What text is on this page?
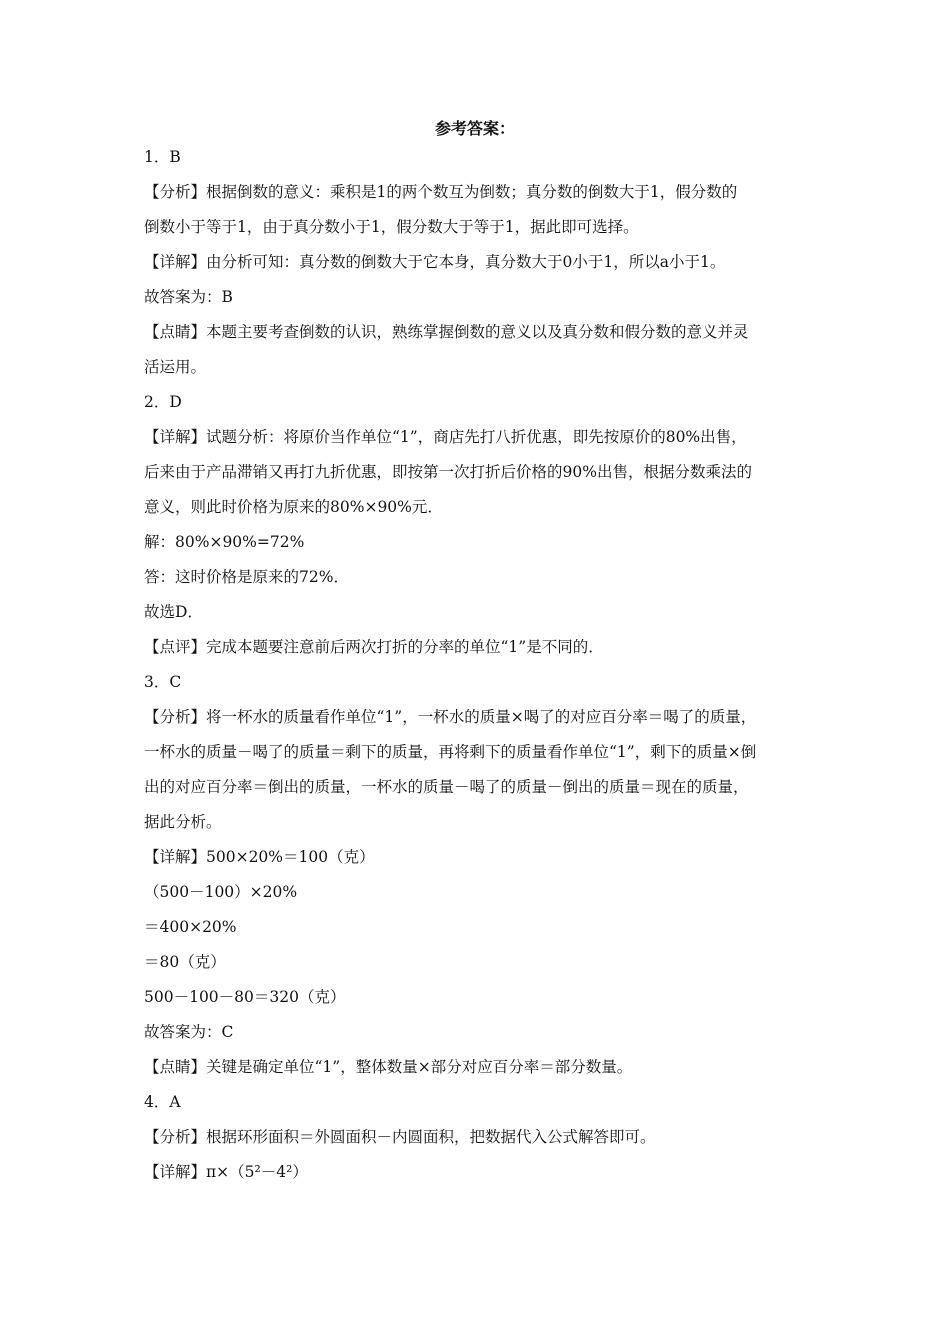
参考答案：
1．B
【分析】根据倒数的意义：乘积是1的两个数互为倒数；真分数的倒数大于1，假分数的
倒数小于等于1，由于真分数小于1，假分数大于等于1，据此即可选择。
【详解】由分析可知：真分数的倒数大于它本身，真分数大于0小于1，所以a小于1。
故答案为：B
【点睛】本题主要考查倒数的认识，熟练掌握倒数的意义以及真分数和假分数的意义并灵
活运用。
2．D
【详解】试题分析：将原价当作单位“1”，商店先打八折优惠，即先按原价的80%出售，
后来由于产品滞销又再打九折优惠，即按第一次打折后价格的90%出售，根据分数乘法的
意义，则此时价格为原来的80%×90%元．
解：80%×90%=72%
答：这时价格是原来的72%．
故选D．
【点评】完成本题要注意前后两次打折的分率的单位“1”是不同的．
3．C
【分析】将一杯水的质量看作单位“1”，一杯水的质量×喝了的对应百分率＝喝了的质量，
一杯水的质量－喝了的质量＝剩下的质量，再将剩下的质量看作单位“1”，剩下的质量×倒
出的对应百分率＝倒出的质量，一杯水的质量－喝了的质量－倒出的质量＝现在的质量，
据此分析。
【详解】500×20%＝100（克）
（500－100）×20%
＝400×20%
＝80（克）
500－100－80＝320（克）
故答案为：C
【点睛】关键是确定单位“1”，整体数量×部分对应百分率＝部分数量。
4．A
【分析】根据环形面积＝外圆面积－内圆面积，把数据代入公式解答即可。
【详解】π×（5²－4²）
